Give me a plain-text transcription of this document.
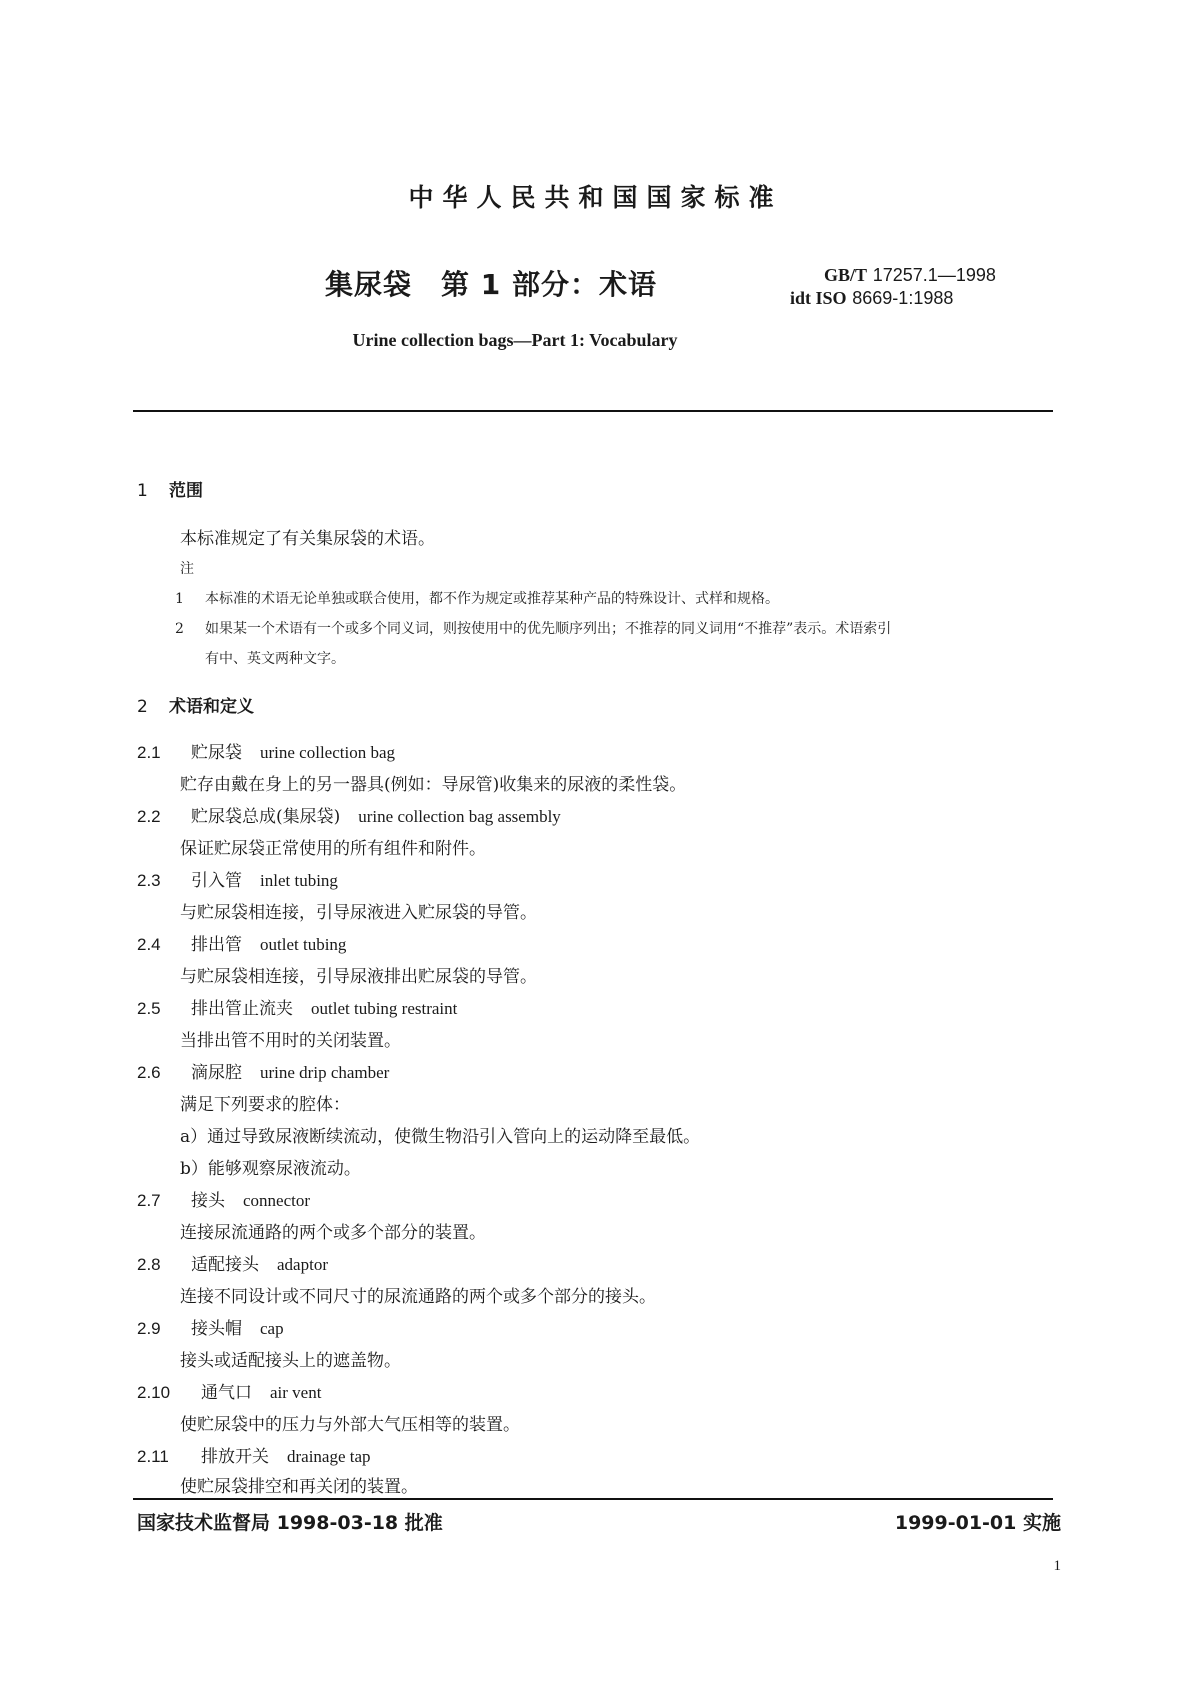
中华人民共和国国家标准
集尿袋　第 1 部分：术语	GB/T 17257.1—1998
idt ISO 8669-1:1988
Urine collection bags—Part 1: Vocabulary
1 范围
本标准规定了有关集尿袋的术语。
注
1 本标准的术语无论单独或联合使用，都不作为规定或推荐某种产品的特殊设计、式样和规格。
2 如果某一个术语有一个或多个同义词，则按使用中的优先顺序列出；不推荐的同义词用“不推荐”表示。术语索引
有中、英文两种文字。
2 术语和定义
2.1 贮尿袋 urine collection bag
贮存由戴在身上的另一器具(例如：导尿管)收集来的尿液的柔性袋。
2.2 贮尿袋总成(集尿袋) urine collection bag assembly
保证贮尿袋正常使用的所有组件和附件。
2.3 引入管 inlet tubing
与贮尿袋相连接，引导尿液进入贮尿袋的导管。
2.4 排出管 outlet tubing
与贮尿袋相连接，引导尿液排出贮尿袋的导管。
2.5 排出管止流夹 outlet tubing restraint
当排出管不用时的关闭装置。
2.6 滴尿腔 urine drip chamber
满足下列要求的腔体：
a）通过导致尿液断续流动，使微生物沿引入管向上的运动降至最低。
b）能够观察尿液流动。
2.7 接头 connector
连接尿流通路的两个或多个部分的装置。
2.8 适配接头 adaptor
连接不同设计或不同尺寸的尿流通路的两个或多个部分的接头。
2.9 接头帽 cap
接头或适配接头上的遮盖物。
2.10 通气口 air vent
使贮尿袋中的压力与外部大气压相等的装置。
2.11 排放开关 drainage tap
使贮尿袋排空和再关闭的装置。
国家技术监督局 1998-03-18 批准	1999-01-01 实施
1
